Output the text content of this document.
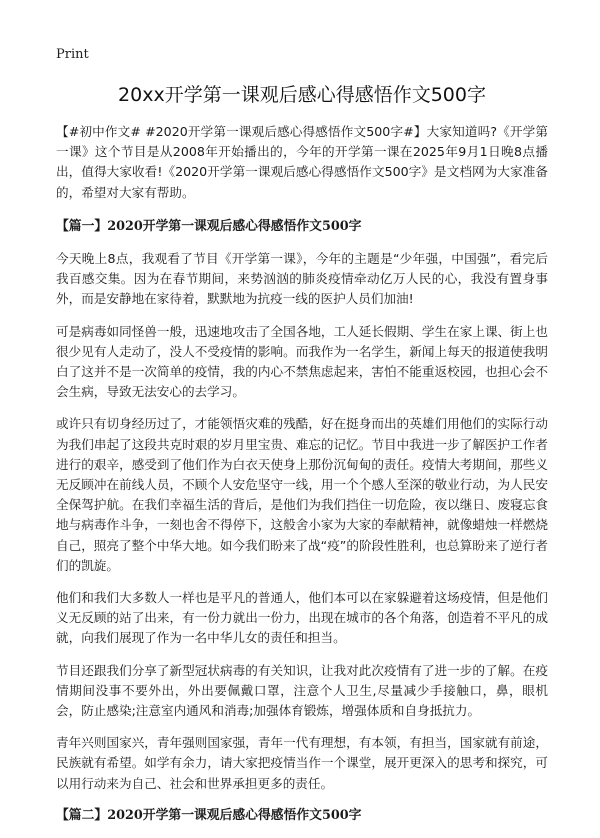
Print
20xx开学第一课观后感心得感悟作文500字

【#初中作文# #2020开学第一课观后感心得感悟作文500字#】大家知道吗?《开学第一课》这个节目是从2008年开始播出的，今年的开学第一课在2025年9月1日晚8点播出，值得大家收看!《2020开学第一课观后感心得感悟作文500字》是文档网为大家准备的，希望对大家有帮助。

【篇一】2020开学第一课观后感心得感悟作文500字

今天晚上8点，我观看了节目《开学第一课》，今年的主题是“少年强，中国强”，看完后我百感交集。因为在春节期间，来势汹汹的肺炎疫情牵动亿万人民的心，我没有置身事外，而是安静地在家待着，默默地为抗疫一线的医护人员们加油!

可是病毒如同怪兽一般，迅速地攻击了全国各地，工人延长假期、学生在家上课、街上也很少见有人走动了，没人不受疫情的影响。而我作为一名学生，新闻上每天的报道使我明白了这并不是一次简单的疫情，我的内心不禁焦虑起来，害怕不能重返校园，也担心会不会生病，导致无法安心的去学习。

或许只有切身经历过了，才能领悟灾难的残酷，好在挺身而出的英雄们用他们的实际行动为我们串起了这段共克时艰的岁月里宝贵、难忘的记忆。节目中我进一步了解医护工作者进行的艰辛，感受到了他们作为白衣天使身上那份沉甸甸的责任。疫情大考期间，那些义无反顾冲在前线人员，不顾个人安危坚守一线，用一个个感人至深的敬业行动，为人民安全保驾护航。在我们幸福生活的背后，是他们为我们挡住一切危险，夜以继日、废寝忘食地与病毒作斗争，一刻也舍不得停下，这般舍小家为大家的奉献精神，就像蜡烛一样燃烧自己，照亮了整个中华大地。如今我们盼来了战“疫”的阶段性胜利，也总算盼来了逆行者们的凯旋。

他们和我们大多数人一样也是平凡的普通人，他们本可以在家躲避着这场疫情，但是他们义无反顾的站了出来，有一份力就出一份力，出现在城市的各个角落，创造着不平凡的成就，向我们展现了作为一名中华儿女的责任和担当。

节目还跟我们分享了新型冠状病毒的有关知识，让我对此次疫情有了进一步的了解。在疫情期间没事不要外出，外出要佩戴口罩，注意个人卫生,尽量减少手接触口，鼻，眼机会，防止感染;注意室内通风和消毒;加强体育锻炼，增强体质和自身抵抗力。

青年兴则国家兴，青年强则国家强，青年一代有理想，有本领，有担当，国家就有前途，民族就有希望。如学有余力，请大家把疫情当作一个课堂，展开更深入的思考和探究，可以用行动来为自己、社会和世界承担更多的责任。

【篇二】2020开学第一课观后感心得感悟作文500字
